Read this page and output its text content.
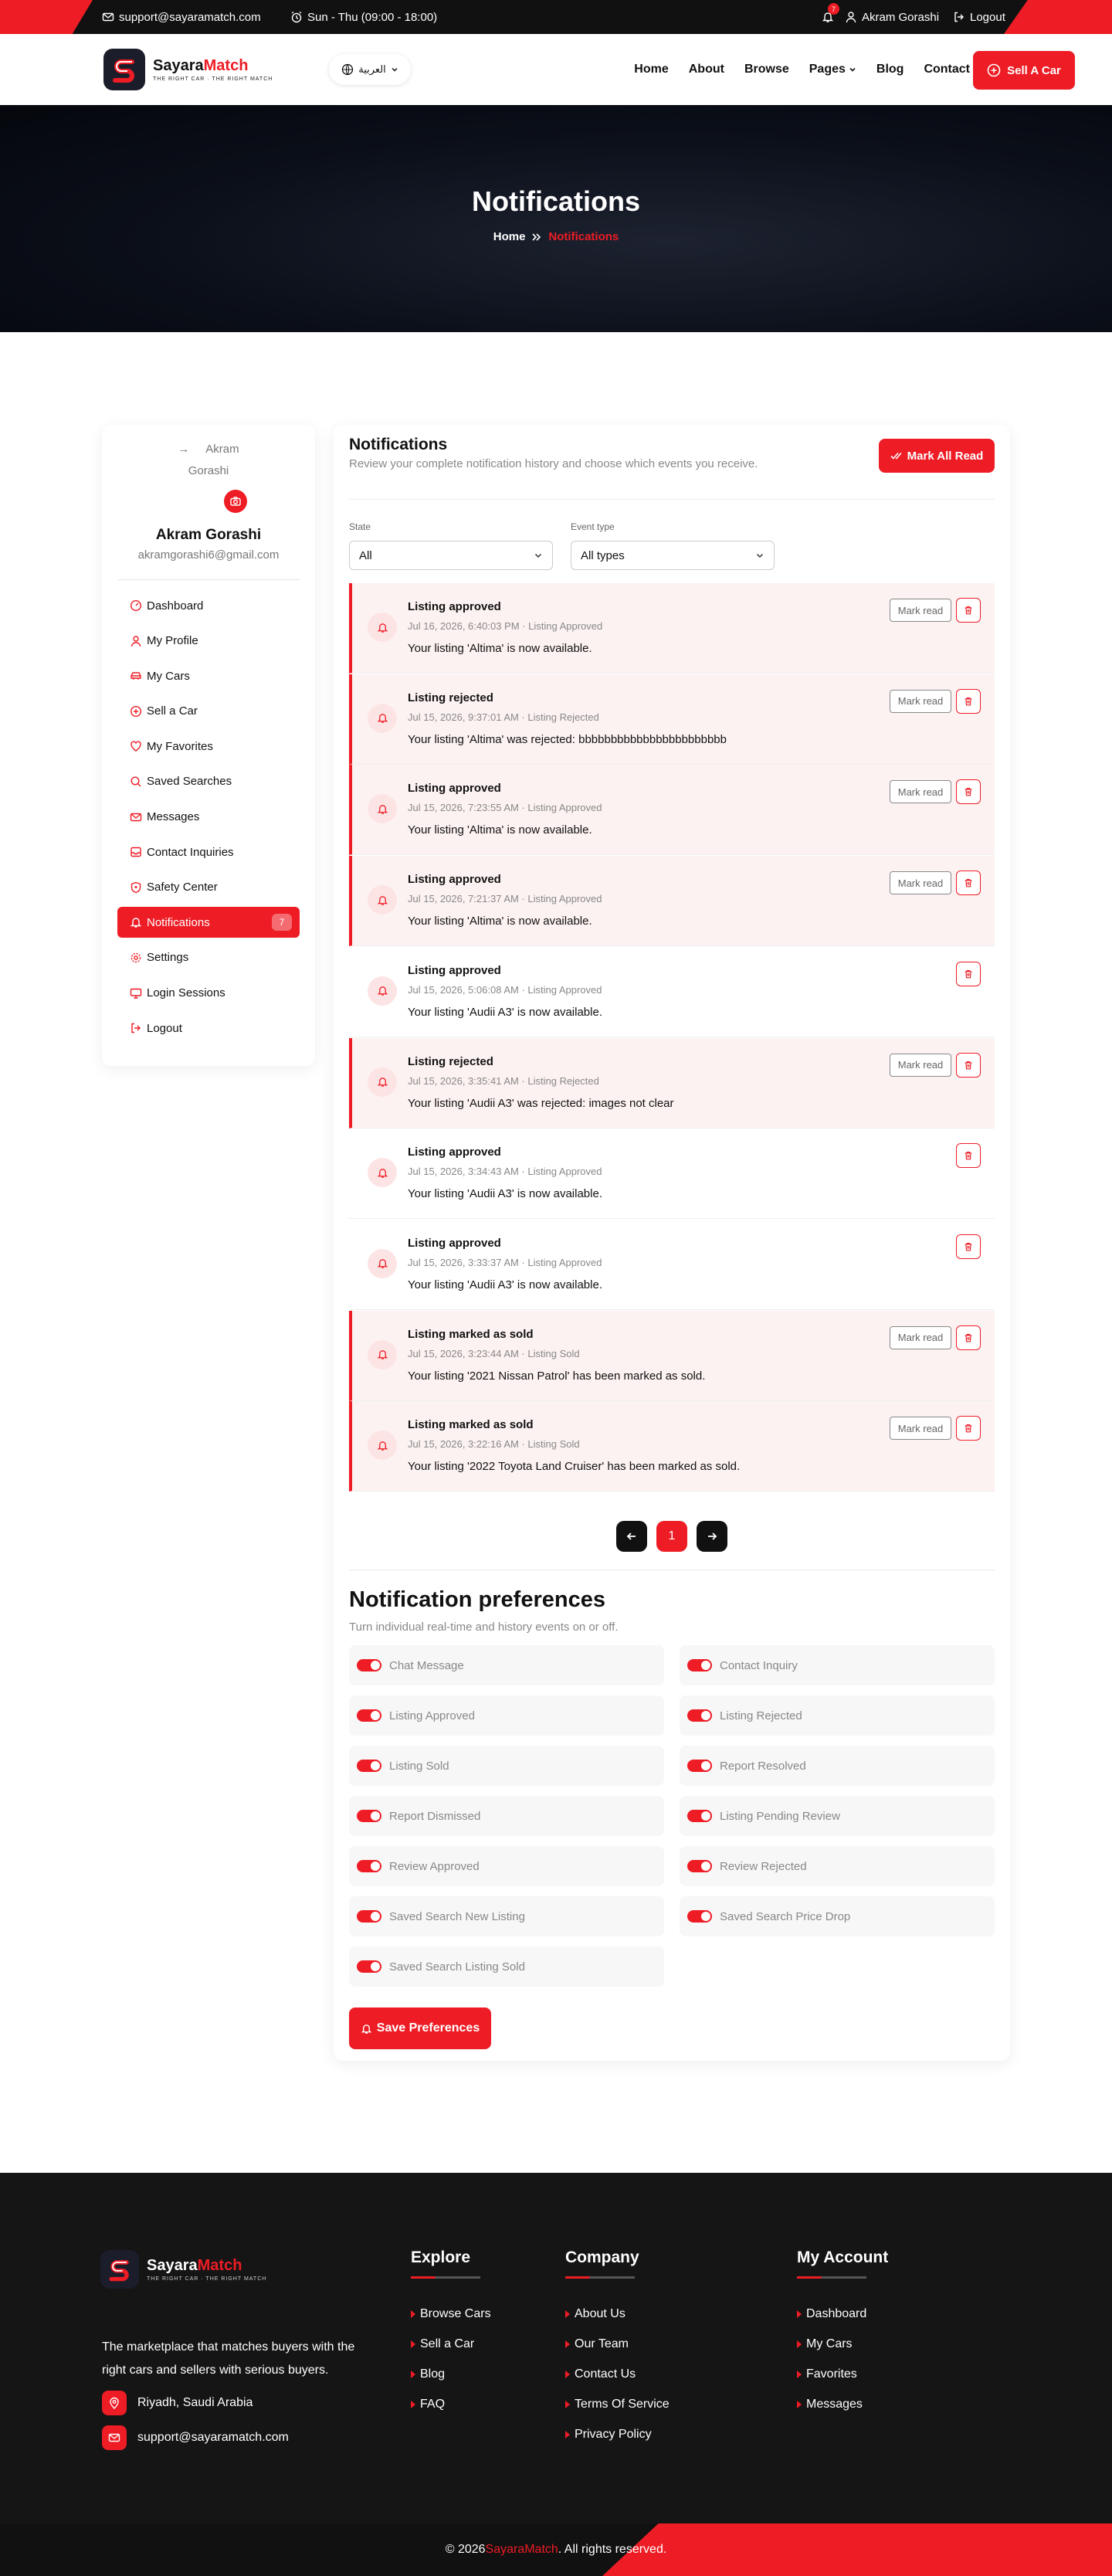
support@sayaramatch.com	Sun - Thu (09:00 - 18:00)
7
Akram Gorashi	Logout
SayaraMatch
THE RIGHT CAR · THE RIGHT MATCH
العربية	Home About Browse Pages	Blog Contact	Sell A Car
Notifications
Home Notifications
→     Akram
Gorashi
Akram Gorashi
akramgorashi6@gmail.com
Dashboard
My Profile
My Cars
Sell a Car
My Favorites
Saved Searches
Messages
Contact Inquiries
Safety Center
Notifications	7
Settings
Login Sessions
Logout
Notifications

Review your complete notification history and choose which events you receive.

Mark All Read
State
All
Event type
All types
Listing approved
Jul 16, 2026, 6:40:03 PM · Listing Approved
Your listing 'Altima' is now available.
Mark read
Listing rejected
Jul 15, 2026, 9:37:01 AM · Listing Rejected
Your listing 'Altima' was rejected: bbbbbbbbbbbbbbbbbbbbbbb
Mark read
Listing approved
Jul 15, 2026, 7:23:55 AM · Listing Approved
Your listing 'Altima' is now available.
Mark read
Listing approved
Jul 15, 2026, 7:21:37 AM · Listing Approved
Your listing 'Altima' is now available.
Mark read
Listing approved
Jul 15, 2026, 5:06:08 AM · Listing Approved
Your listing 'Audii A3' is now available.
Listing rejected
Jul 15, 2026, 3:35:41 AM · Listing Rejected
Your listing 'Audii A3' was rejected: images not clear
Mark read
Listing approved
Jul 15, 2026, 3:34:43 AM · Listing Approved
Your listing 'Audii A3' is now available.
Listing approved
Jul 15, 2026, 3:33:37 AM · Listing Approved
Your listing 'Audii A3' is now available.
Listing marked as sold
Jul 15, 2026, 3:23:44 AM · Listing Sold
Your listing '2021 Nissan Patrol' has been marked as sold.
Mark read
Listing marked as sold
Jul 15, 2026, 3:22:16 AM · Listing Sold
Your listing '2022 Toyota Land Cruiser' has been marked as sold.
Mark read
1
Notification preferences

Turn individual real-time and history events on or off.

Chat Message	Contact Inquiry
Listing Approved	Listing Rejected
Listing Sold	Report Resolved
Report Dismissed	Listing Pending Review
Review Approved	Review Rejected
Saved Search New Listing	Saved Search Price Drop
Saved Search Listing Sold
Save Preferences
SayaraMatch
THE RIGHT CAR · THE RIGHT MATCH

The marketplace that matches buyers with the right cars and sellers with serious buyers.

Riyadh, Saudi Arabia
support@sayaramatch.com
Explore
Browse Cars
Sell a Car
Blog
FAQ
Company
About Us
Our Team
Contact Us
Terms Of Service
Privacy Policy
My Account
Dashboard
My Cars
Favorites
Messages
© 2026 SayaraMatch . All rights reserved.
